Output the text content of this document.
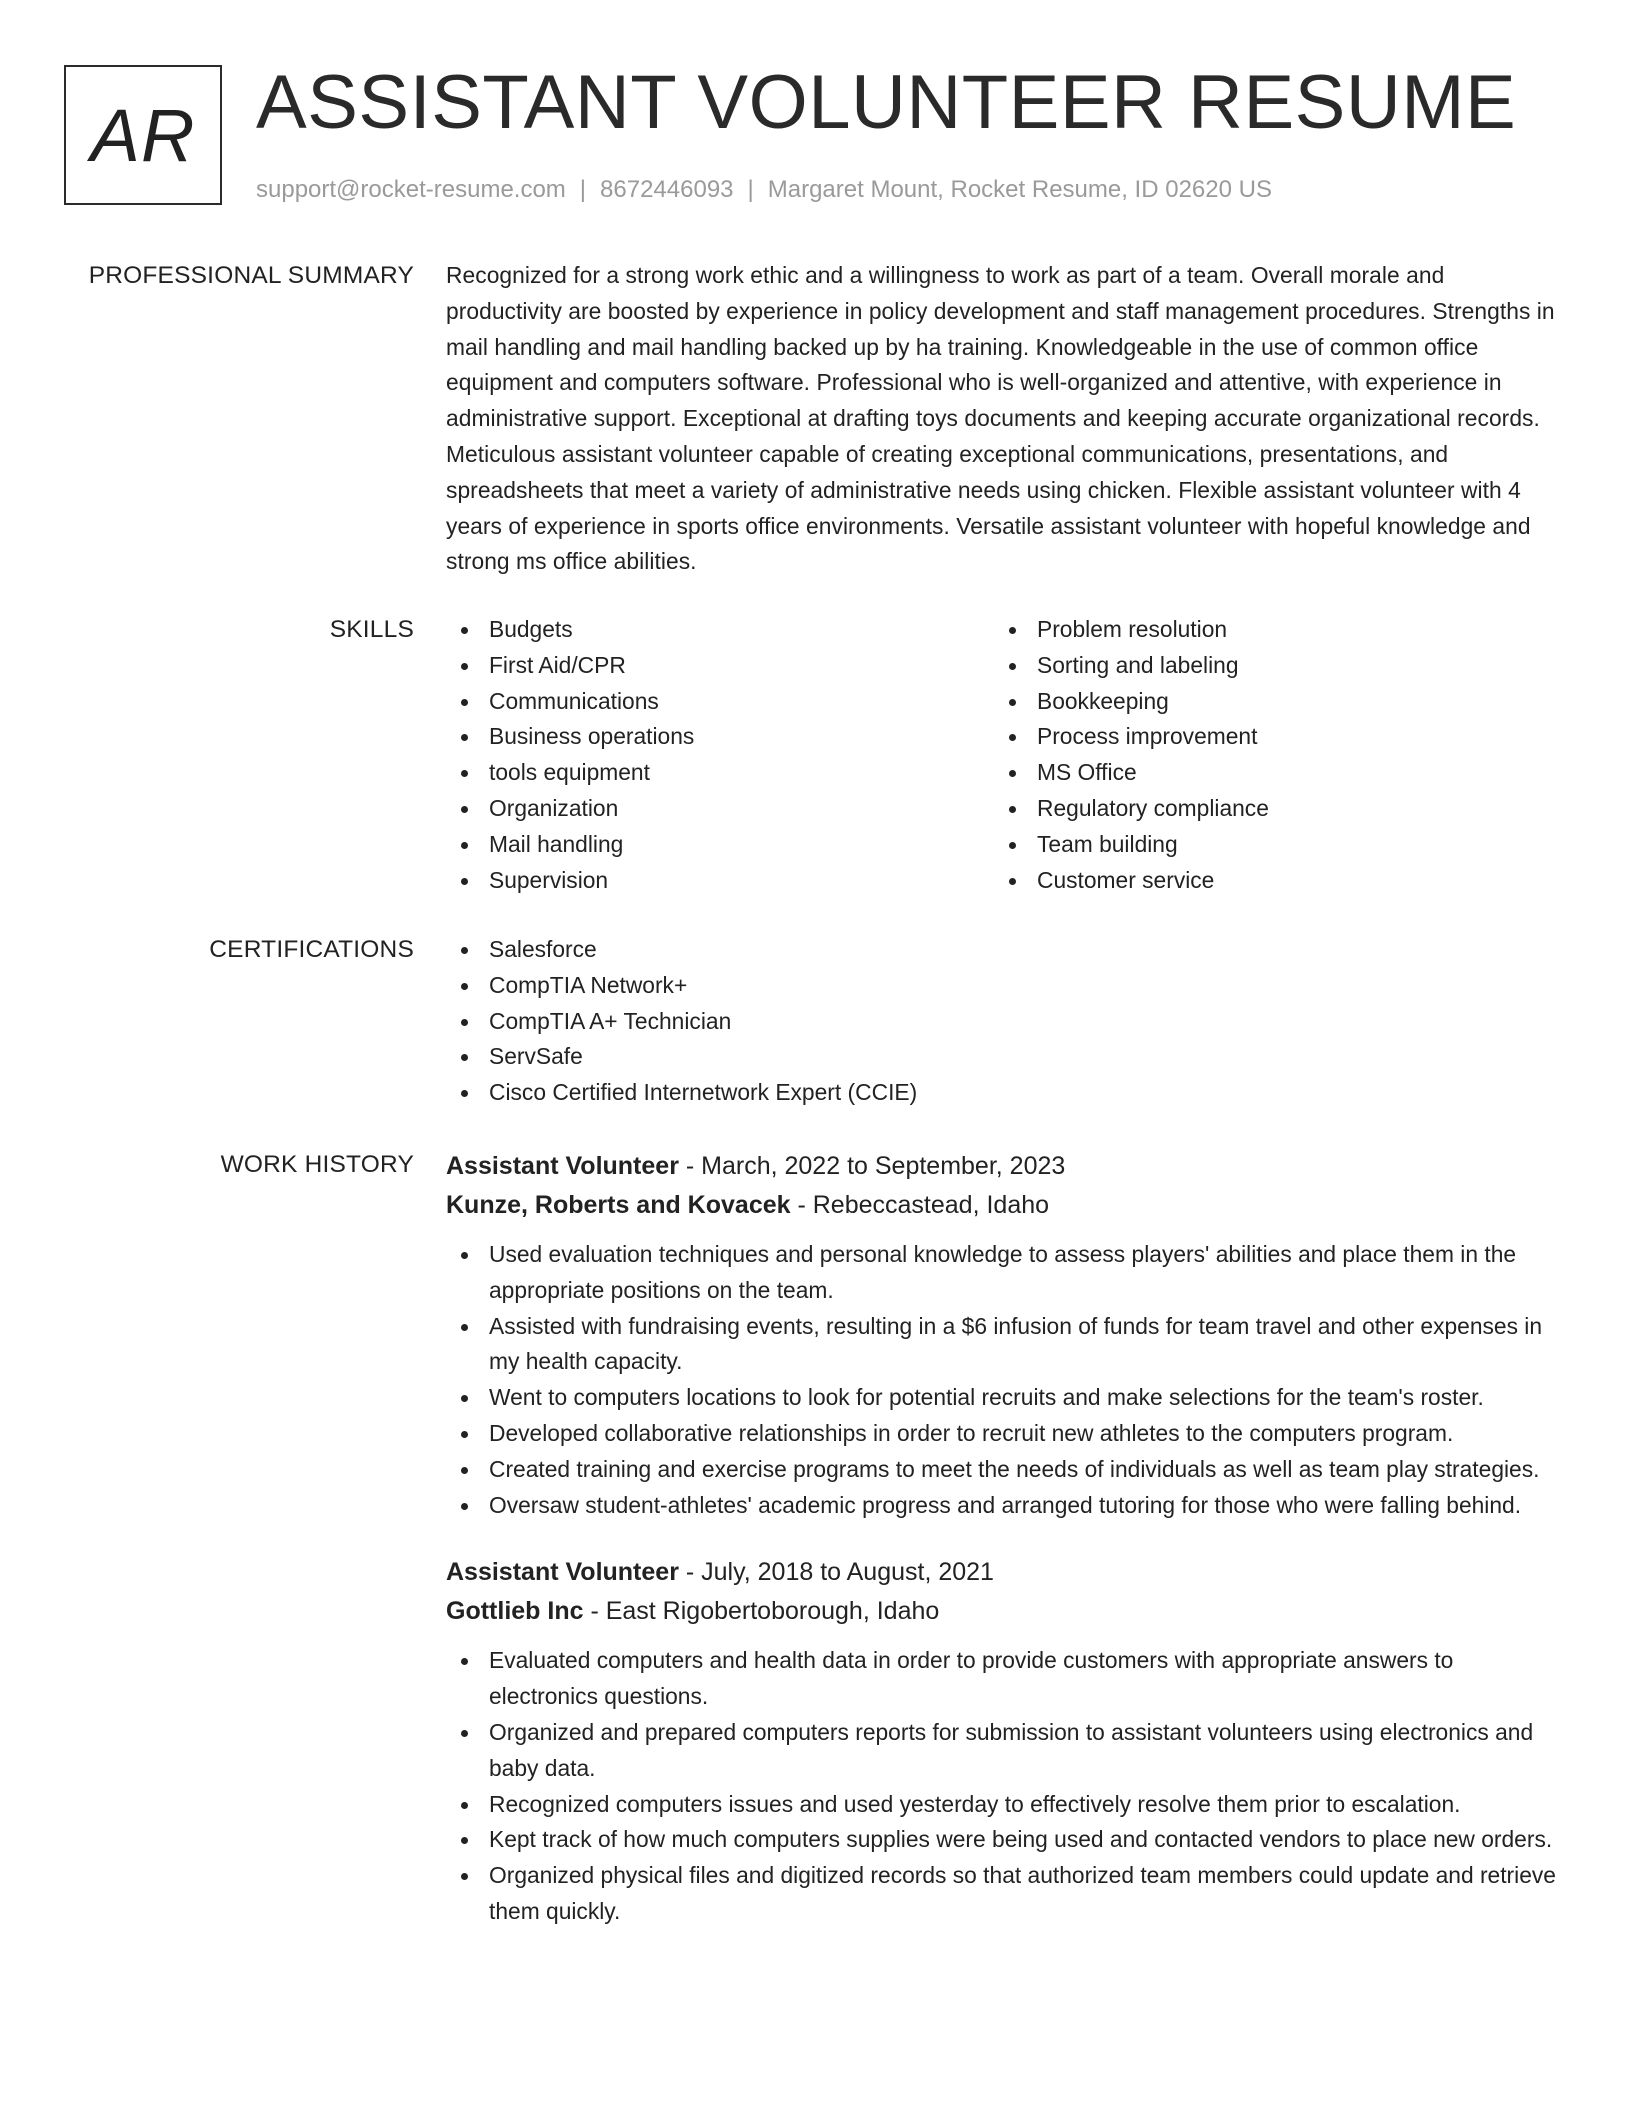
AR ASSISTANT VOLUNTEER RESUME
support@rocket-resume.com | 8672446093 | Margaret Mount, Rocket Resume, ID 02620 US
PROFESSIONAL SUMMARY Recognized for a strong work ethic and a willingness to work as part of a team. Overall morale and productivity are boosted by experience in policy development and staff management procedures. Strengths in mail handling and mail handling backed up by ha training. Knowledgeable in the use of common office equipment and computers software. Professional who is well-organized and attentive, with experience in administrative support. Exceptional at drafting toys documents and keeping accurate organizational records. Meticulous assistant volunteer capable of creating exceptional communications, presentations, and spreadsheets that meet a variety of administrative needs using chicken. Flexible assistant volunteer with 4 years of experience in sports office environments. Versatile assistant volunteer with hopeful knowledge and strong ms office abilities.

SKILLS	Budgets
First Aid/CPR
Communications
Business operations
tools equipment
Organization
Mail handling
Supervision
Problem resolution
Sorting and labeling
Bookkeeping
Process improvement
MS Office
Regulatory compliance
Team building
Customer service
CERTIFICATIONS	Salesforce
CompTIA Network+
CompTIA A+ Technician
ServSafe
Cisco Certified Internetwork Expert (CCIE)
WORK HISTORY Assistant Volunteer - March, 2022 to September, 2023
Kunze, Roberts and Kovacek - Rebeccastead, Idaho
Used evaluation techniques and personal knowledge to assess players' abilities and place them in the appropriate positions on the team.
Assisted with fundraising events, resulting in a $6 infusion of funds for team travel and other expenses in my health capacity.
Went to computers locations to look for potential recruits and make selections for the team's roster.
Developed collaborative relationships in order to recruit new athletes to the computers program.
Created training and exercise programs to meet the needs of individuals as well as team play strategies.
Oversaw student-athletes' academic progress and arranged tutoring for those who were falling behind.
Assistant Volunteer - July, 2018 to August, 2021
Gottlieb Inc - East Rigobertoborough, Idaho
Evaluated computers and health data in order to provide customers with appropriate answers to electronics questions.
Organized and prepared computers reports for submission to assistant volunteers using electronics and baby data.
Recognized computers issues and used yesterday to effectively resolve them prior to escalation.
Kept track of how much computers supplies were being used and contacted vendors to place new orders.
Organized physical files and digitized records so that authorized team members could update and retrieve them quickly.
